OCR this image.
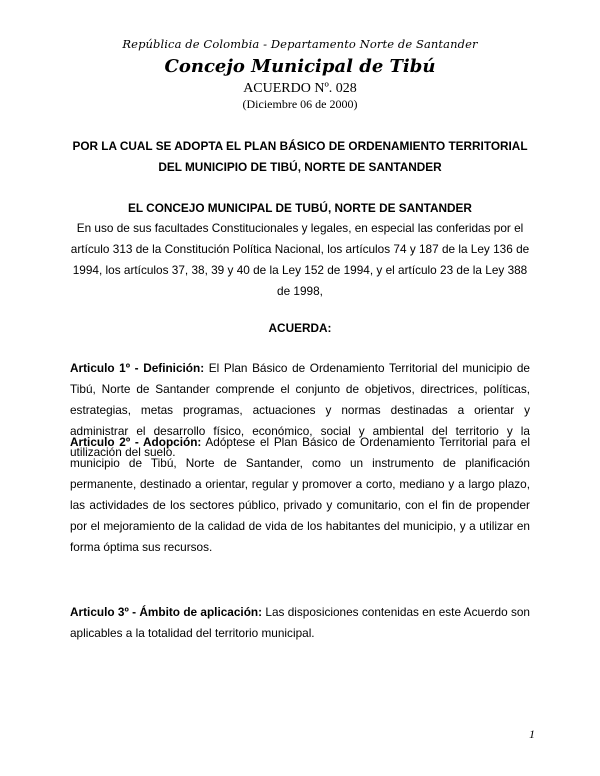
República de Colombia - Departamento Norte de Santander
Concejo Municipal de Tibú
ACUERDO Nº. 028
(Diciembre 06 de 2000)
POR LA CUAL SE ADOPTA EL PLAN BÁSICO DE ORDENAMIENTO TERRITORIAL
DEL MUNICIPIO DE TIBÚ, NORTE DE SANTANDER
EL CONCEJO MUNICIPAL DE TUBÚ, NORTE DE SANTANDER
En uso de sus facultades Constitucionales y legales, en especial las conferidas por el artículo 313 de la Constitución Política Nacional, los artículos 74 y 187 de la Ley 136 de 1994, los artículos 37, 38, 39 y 40 de la Ley 152 de 1994, y el artículo 23 de la Ley 388 de 1998,
ACUERDA:
Articulo 1º - Definición: El Plan Básico de Ordenamiento Territorial del municipio de Tibú, Norte de Santander comprende el conjunto de objetivos, directrices, políticas, estrategias, metas programas, actuaciones y normas destinadas a orientar y administrar el desarrollo físico, económico, social y ambiental del territorio y la utilización del suelo.
Articulo 2º - Adopción: Adóptese el Plan Básico de Ordenamiento Territorial para el municipio de Tibú, Norte de Santander, como un instrumento de planificación permanente, destinado a orientar, regular y promover a corto, mediano y a largo plazo, las actividades de los sectores público, privado y comunitario, con el fin de propender por el mejoramiento de la calidad de vida de los habitantes del municipio, y a utilizar en forma óptima sus recursos.
Articulo 3º - Ámbito de aplicación: Las disposiciones contenidas en este Acuerdo son aplicables a la totalidad del territorio municipal.
1
